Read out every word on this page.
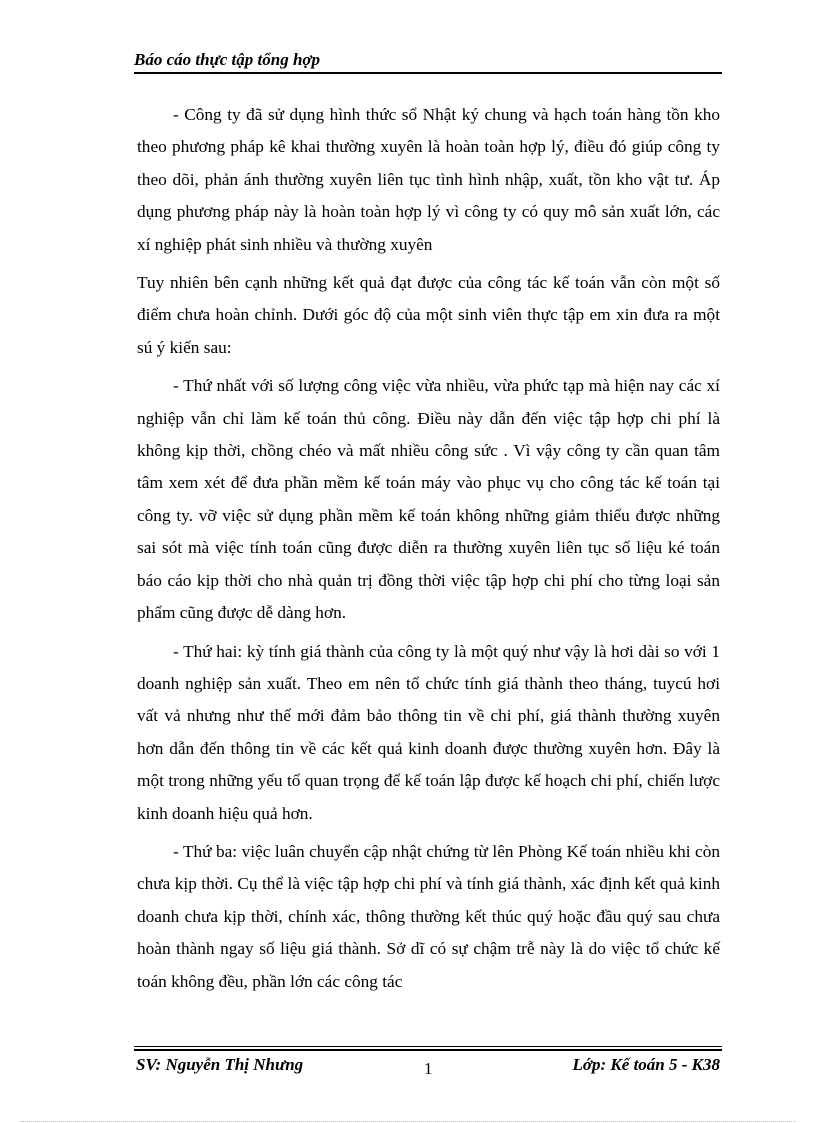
Báo cáo thực tập tổng hợp

- Công ty đã sử dụng hình thức sổ Nhật ký chung và hạch toán hàng tồn kho theo phương pháp kê khai thường xuyên là hoàn toàn hợp lý, điều đó giúp công ty theo dõi, phản ánh thường xuyên liên tục tình hình nhập, xuất, tồn kho vật tư. Áp dụng phương pháp này là hoàn toàn hợp lý vì công ty có quy mô sản xuất lớn, các xí nghiệp phát sinh nhiều và thường xuyên

Tuy nhiên bên cạnh những kết quả đạt được của công tác kế toán vẫn còn một số điểm chưa hoàn chỉnh. Dưới góc độ của một sinh viên thực tập em xin đưa ra một sú ý kiến sau:

- Thứ nhất với số lượng công việc vừa nhiều, vừa phức tạp mà hiện nay các xí nghiệp vẫn chỉ làm kế toán thủ công. Điều này dẫn đến việc tập hợp chi phí là không kịp thời, chồng chéo và mất nhiều công sức . Vì vậy công ty cần quan tâm tâm xem xét để đưa phần mềm kế toán máy vào phục vụ cho công tác kế toán tại công ty. vỡ việc sử dụng phần mềm kế toán không những giảm thiểu được những sai sót mà việc tính toán cũng được diễn ra thường xuyên liên tục số liệu ké toán báo cáo kịp thời cho nhà quản trị đồng thời việc tập hợp chi phí cho từng loại sản phẩm cũng được dễ dàng hơn.

- Thứ hai: kỳ tính giá thành của công ty là một quý như vậy là hơi dài so với 1 doanh nghiệp sản xuất. Theo em nên tổ chức tính giá thành theo tháng, tuycú hơi vất vả nhưng như thế mới đảm bảo thông tin về chi phí, giá thành thường xuyên hơn dẫn đến thông tin về các kết quả kinh doanh được thường xuyên hơn. Đây là một trong những yếu tố quan trọng để kế toán lập được kế hoạch chi phí, chiến lược kinh doanh hiệu quả hơn.

- Thứ ba: việc luân chuyển cập nhật chứng từ lên Phòng Kế toán nhiều khi còn chưa kịp thời. Cụ thể là việc tập hợp chi phí và tính giá thành, xác định kết quả kinh doanh chưa kịp thời, chính xác, thông thường kết thúc quý hoặc đầu quý sau chưa hoàn thành ngay số liệu giá thành. Sở dĩ có sự chậm trễ này là do việc tổ chức kế toán không đều, phần lớn các công tác

SV: Nguyễn Thị Nhưng	1	Lớp: Kế toán 5 - K38
